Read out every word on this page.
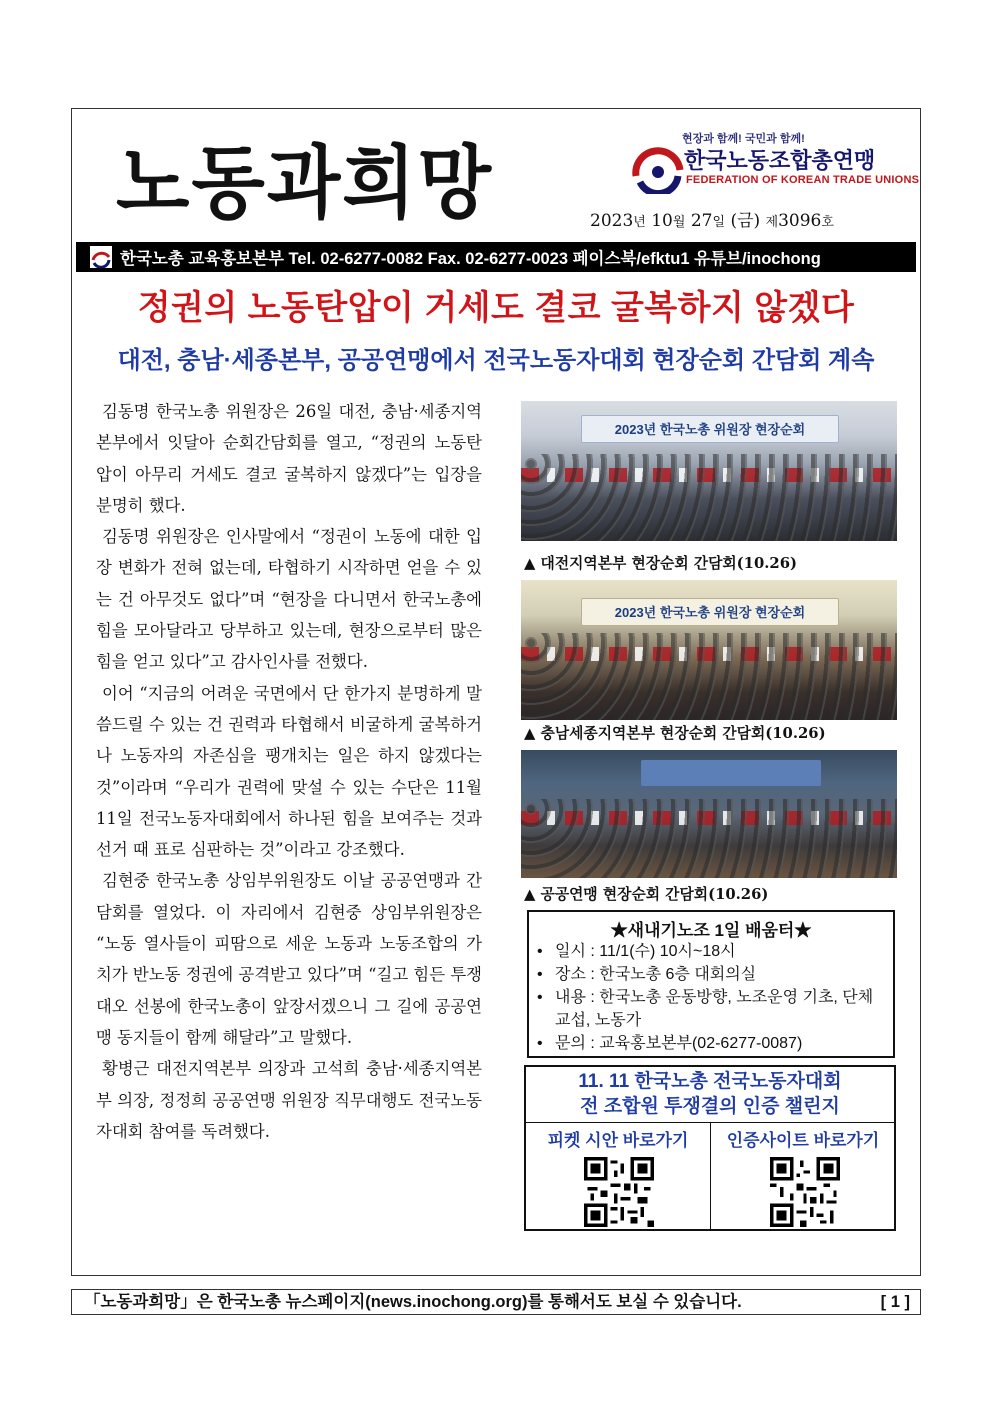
노동과희망	현장과 함께! 국민과 함께!
한국노동조합총연맹
FEDERATION OF KOREAN TRADE UNIONS
2023년 10월 27일 (금) 제3096호
한국노총 교육홍보본부 Tel. 02-6277-0082 Fax. 02-6277-0023 페이스북/efktu1 유튜브/inochong
정권의 노동탄압이 거세도 결코 굴복하지 않겠다
대전, 충남·세종본부, 공공연맹에서 전국노동자대회 현장순회 간담회 계속

김동명 한국노총 위원장은 26일 대전, 충남·세종지역본부에서 잇달아 순회간담회를 열고, “정권의 노동탄압이 아무리 거세도 결코 굴복하지 않겠다”는 입장을 분명히 했다.

김동명 위원장은 인사말에서 “정권이 노동에 대한 입장 변화가 전혀 없는데, 타협하기 시작하면 얻을 수 있는 건 아무것도 없다”며 “현장을 다니면서 한국노총에 힘을 모아달라고 당부하고 있는데, 현장으로부터 많은 힘을 얻고 있다”고 감사인사를 전했다.

이어 “지금의 어려운 국면에서 단 한가지 분명하게 말씀드릴 수 있는 건 권력과 타협해서 비굴하게 굴복하거나 노동자의 자존심을 팽개치는 일은 하지 않겠다는 것”이라며 “우리가 권력에 맞설 수 있는 수단은 11월 11일 전국노동자대회에서 하나된 힘을 보여주는 것과 선거 때 표로 심판하는 것”이라고 강조했다.

김현중 한국노총 상임부위원장도 이날 공공연맹과 간담회를 열었다. 이 자리에서 김현중 상임부위원장은 “노동 열사들이 피땀으로 세운 노동과 노동조합의 가치가 반노동 정권에 공격받고 있다”며 “길고 힘든 투쟁 대오 선봉에 한국노총이 앞장서겠으니 그 길에 공공연맹 동지들이 함께 해달라”고 말했다.

황병근 대전지역본부 의장과 고석희 충남·세종지역본부 의장, 정정희 공공연맹 위원장 직무대행도 전국노동자대회 참여를 독려했다.

2023년 한국노총 위원장 현장순회
▲ 대전지역본부 현장순회 간담회(10.26)
2023년 한국노총 위원장 현장순회
▲ 충남세종지역본부 현장순회 간담회(10.26)
▲ 공공연맹 현장순회 간담회(10.26)
★새내기노조 1일 배움터★
• 일시 : 11/1(수) 10시~18시
• 장소 : 한국노총 6층 대회의실
• 내용 : 한국노총 운동방향, 노조운영 기초, 단체교섭, 노동가
• 문의 : 교육홍보본부(02-6277-0087)
11. 11 한국노총 전국노동자대회
전 조합원 투쟁결의 인증 챌린지
피켓 시안 바로가기	인증사이트 바로가기
「노동과희망」은 한국노총 뉴스페이지(news.inochong.org)를 통해서도 보실 수 있습니다.	[ 1 ]
